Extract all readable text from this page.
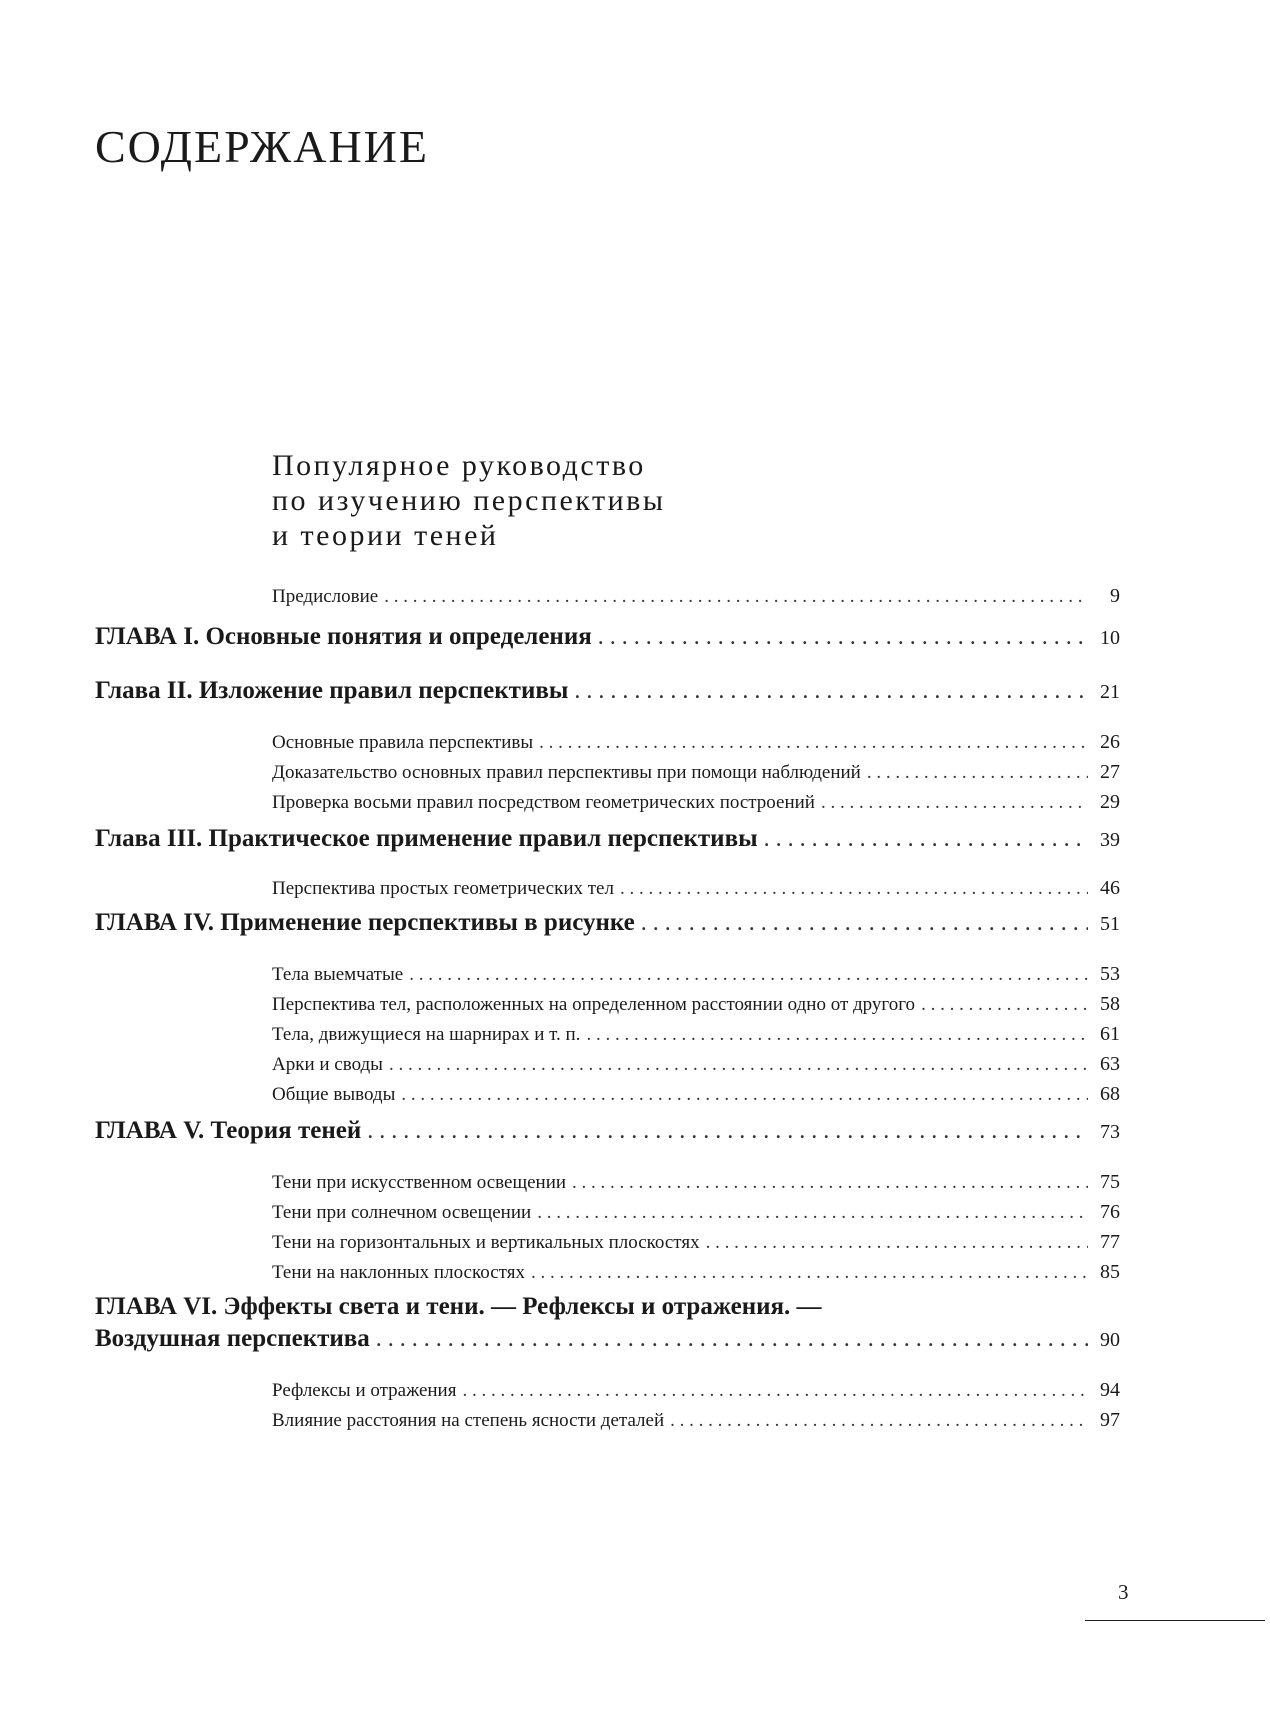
СОДЕРЖАНИЕ
Популярное руководство
по изучению перспективы
и теории теней
Предисловие . . .	9
ГЛАВА I. Основные понятия и определения . . .	10
Глава II. Изложение правил перспективы . . .	21
Основные правила перспективы . . .	26
Доказательство основных правил перспективы при помощи наблюдений . . .	27
Проверка восьми правил посредством геометрических построений . . .	29
Глава III. Практическое применение правил перспективы . . .	39
Перспектива простых геометрических тел . . .	46
ГЛАВА IV. Применение перспективы в рисунке . . .	51
Тела выемчатые . . .	53
Перспектива тел, расположенных на определенном расстоянии одно от другого . . .	58
Тела, движущиеся на шарнирах и т. п. . . .	61
Арки и своды . . .	63
Общие выводы . . .	68
ГЛАВА V. Теория теней . . .	73
Тени при искусственном освещении . . .	75
Тени при солнечном освещении . . .	76
Тени на горизонтальных и вертикальных плоскостях . . .	77
Тени на наклонных плоскостях . . .	85
ГЛАВА VI. Эффекты света и тени. — Рефлексы и отражения. —
Воздушная перспектива . . .	90
Рефлексы и отражения . . .	94
Влияние расстояния на степень ясности деталей . . .	97
3
